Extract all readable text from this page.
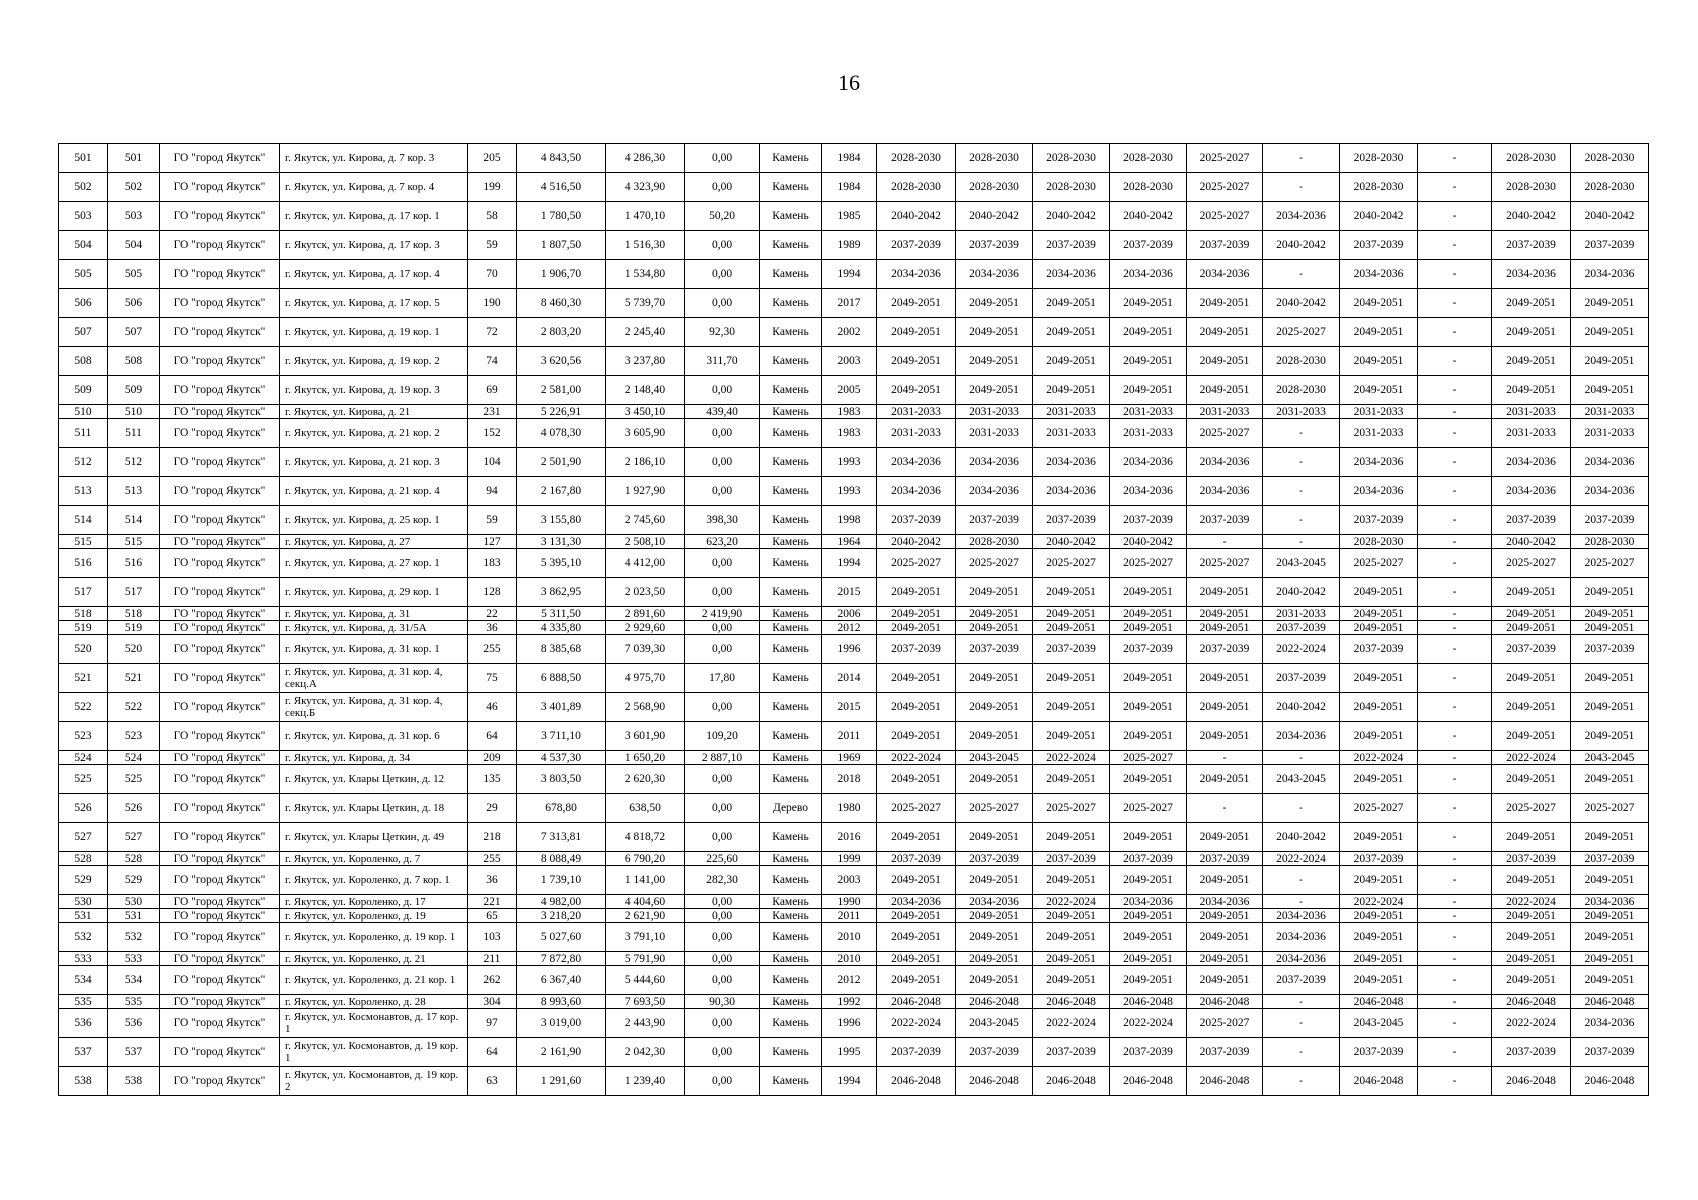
16
501	501	ГО "город Якутск"	г. Якутск, ул. Кирова, д. 7 кор. 3	205	4 843,50	4 286,30	0,00	Камень	1984	2028-2030	2028-2030	2028-2030	2028-2030	2025-2027	-	2028-2030	-	2028-2030	2028-2030
502	502	ГО "город Якутск"	г. Якутск, ул. Кирова, д. 7 кор. 4	199	4 516,50	4 323,90	0,00	Камень	1984	2028-2030	2028-2030	2028-2030	2028-2030	2025-2027	-	2028-2030	-	2028-2030	2028-2030
503	503	ГО "город Якутск"	г. Якутск, ул. Кирова, д. 17 кор. 1	58	1 780,50	1 470,10	50,20	Камень	1985	2040-2042	2040-2042	2040-2042	2040-2042	2025-2027	2034-2036	2040-2042	-	2040-2042	2040-2042
504	504	ГО "город Якутск"	г. Якутск, ул. Кирова, д. 17 кор. 3	59	1 807,50	1 516,30	0,00	Камень	1989	2037-2039	2037-2039	2037-2039	2037-2039	2037-2039	2040-2042	2037-2039	-	2037-2039	2037-2039
505	505	ГО "город Якутск"	г. Якутск, ул. Кирова, д. 17 кор. 4	70	1 906,70	1 534,80	0,00	Камень	1994	2034-2036	2034-2036	2034-2036	2034-2036	2034-2036	-	2034-2036	-	2034-2036	2034-2036
506	506	ГО "город Якутск"	г. Якутск, ул. Кирова, д. 17 кор. 5	190	8 460,30	5 739,70	0,00	Камень	2017	2049-2051	2049-2051	2049-2051	2049-2051	2049-2051	2040-2042	2049-2051	-	2049-2051	2049-2051
507	507	ГО "город Якутск"	г. Якутск, ул. Кирова, д. 19 кор. 1	72	2 803,20	2 245,40	92,30	Камень	2002	2049-2051	2049-2051	2049-2051	2049-2051	2049-2051	2025-2027	2049-2051	-	2049-2051	2049-2051
508	508	ГО "город Якутск"	г. Якутск, ул. Кирова, д. 19 кор. 2	74	3 620,56	3 237,80	311,70	Камень	2003	2049-2051	2049-2051	2049-2051	2049-2051	2049-2051	2028-2030	2049-2051	-	2049-2051	2049-2051
509	509	ГО "город Якутск"	г. Якутск, ул. Кирова, д. 19 кор. 3	69	2 581,00	2 148,40	0,00	Камень	2005	2049-2051	2049-2051	2049-2051	2049-2051	2049-2051	2028-2030	2049-2051	-	2049-2051	2049-2051
510	510	ГО "город Якутск"	г. Якутск, ул. Кирова, д. 21	231	5 226,91	3 450,10	439,40	Камень	1983	2031-2033	2031-2033	2031-2033	2031-2033	2031-2033	2031-2033	2031-2033	-	2031-2033	2031-2033
511	511	ГО "город Якутск"	г. Якутск, ул. Кирова, д. 21 кор. 2	152	4 078,30	3 605,90	0,00	Камень	1983	2031-2033	2031-2033	2031-2033	2031-2033	2025-2027	-	2031-2033	-	2031-2033	2031-2033
512	512	ГО "город Якутск"	г. Якутск, ул. Кирова, д. 21 кор. 3	104	2 501,90	2 186,10	0,00	Камень	1993	2034-2036	2034-2036	2034-2036	2034-2036	2034-2036	-	2034-2036	-	2034-2036	2034-2036
513	513	ГО "город Якутск"	г. Якутск, ул. Кирова, д. 21 кор. 4	94	2 167,80	1 927,90	0,00	Камень	1993	2034-2036	2034-2036	2034-2036	2034-2036	2034-2036	-	2034-2036	-	2034-2036	2034-2036
514	514	ГО "город Якутск"	г. Якутск, ул. Кирова, д. 25 кор. 1	59	3 155,80	2 745,60	398,30	Камень	1998	2037-2039	2037-2039	2037-2039	2037-2039	2037-2039	-	2037-2039	-	2037-2039	2037-2039
515	515	ГО "город Якутск"	г. Якутск, ул. Кирова, д. 27	127	3 131,30	2 508,10	623,20	Камень	1964	2040-2042	2028-2030	2040-2042	2040-2042	-	-	2028-2030	-	2040-2042	2028-2030
516	516	ГО "город Якутск"	г. Якутск, ул. Кирова, д. 27 кор. 1	183	5 395,10	4 412,00	0,00	Камень	1994	2025-2027	2025-2027	2025-2027	2025-2027	2025-2027	2043-2045	2025-2027	-	2025-2027	2025-2027
517	517	ГО "город Якутск"	г. Якутск, ул. Кирова, д. 29 кор. 1	128	3 862,95	2 023,50	0,00	Камень	2015	2049-2051	2049-2051	2049-2051	2049-2051	2049-2051	2040-2042	2049-2051	-	2049-2051	2049-2051
518	518	ГО "город Якутск"	г. Якутск, ул. Кирова, д. 31	22	5 311,50	2 891,60	2 419,90	Камень	2006	2049-2051	2049-2051	2049-2051	2049-2051	2049-2051	2031-2033	2049-2051	-	2049-2051	2049-2051
519	519	ГО "город Якутск"	г. Якутск, ул. Кирова, д. 31/5А	36	4 335,80	2 929,60	0,00	Камень	2012	2049-2051	2049-2051	2049-2051	2049-2051	2049-2051	2037-2039	2049-2051	-	2049-2051	2049-2051
520	520	ГО "город Якутск"	г. Якутск, ул. Кирова, д. 31 кор. 1	255	8 385,68	7 039,30	0,00	Камень	1996	2037-2039	2037-2039	2037-2039	2037-2039	2037-2039	2022-2024	2037-2039	-	2037-2039	2037-2039
521	521	ГО "город Якутск"	г. Якутск, ул. Кирова, д. 31 кор. 4, секц.А	75	6 888,50	4 975,70	17,80	Камень	2014	2049-2051	2049-2051	2049-2051	2049-2051	2049-2051	2037-2039	2049-2051	-	2049-2051	2049-2051
522	522	ГО "город Якутск"	г. Якутск, ул. Кирова, д. 31 кор. 4, секц.Б	46	3 401,89	2 568,90	0,00	Камень	2015	2049-2051	2049-2051	2049-2051	2049-2051	2049-2051	2040-2042	2049-2051	-	2049-2051	2049-2051
523	523	ГО "город Якутск"	г. Якутск, ул. Кирова, д. 31 кор. 6	64	3 711,10	3 601,90	109,20	Камень	2011	2049-2051	2049-2051	2049-2051	2049-2051	2049-2051	2034-2036	2049-2051	-	2049-2051	2049-2051
524	524	ГО "город Якутск"	г. Якутск, ул. Кирова, д. 34	209	4 537,30	1 650,20	2 887,10	Камень	1969	2022-2024	2043-2045	2022-2024	2025-2027	-	-	2022-2024	-	2022-2024	2043-2045
525	525	ГО "город Якутск"	г. Якутск, ул. Клары Цеткин, д. 12	135	3 803,50	2 620,30	0,00	Камень	2018	2049-2051	2049-2051	2049-2051	2049-2051	2049-2051	2043-2045	2049-2051	-	2049-2051	2049-2051
526	526	ГО "город Якутск"	г. Якутск, ул. Клары Цеткин, д. 18	29	678,80	638,50	0,00	Дерево	1980	2025-2027	2025-2027	2025-2027	2025-2027	-	-	2025-2027	-	2025-2027	2025-2027
527	527	ГО "город Якутск"	г. Якутск, ул. Клары Цеткин, д. 49	218	7 313,81	4 818,72	0,00	Камень	2016	2049-2051	2049-2051	2049-2051	2049-2051	2049-2051	2040-2042	2049-2051	-	2049-2051	2049-2051
528	528	ГО "город Якутск"	г. Якутск, ул. Короленко, д. 7	255	8 088,49	6 790,20	225,60	Камень	1999	2037-2039	2037-2039	2037-2039	2037-2039	2037-2039	2022-2024	2037-2039	-	2037-2039	2037-2039
529	529	ГО "город Якутск"	г. Якутск, ул. Короленко, д. 7 кор. 1	36	1 739,10	1 141,00	282,30	Камень	2003	2049-2051	2049-2051	2049-2051	2049-2051	2049-2051	-	2049-2051	-	2049-2051	2049-2051
530	530	ГО "город Якутск"	г. Якутск, ул. Короленко, д. 17	221	4 982,00	4 404,60	0,00	Камень	1990	2034-2036	2034-2036	2022-2024	2034-2036	2034-2036	-	2022-2024	-	2022-2024	2034-2036
531	531	ГО "город Якутск"	г. Якутск, ул. Короленко, д. 19	65	3 218,20	2 621,90	0,00	Камень	2011	2049-2051	2049-2051	2049-2051	2049-2051	2049-2051	2034-2036	2049-2051	-	2049-2051	2049-2051
532	532	ГО "город Якутск"	г. Якутск, ул. Короленко, д. 19 кор. 1	103	5 027,60	3 791,10	0,00	Камень	2010	2049-2051	2049-2051	2049-2051	2049-2051	2049-2051	2034-2036	2049-2051	-	2049-2051	2049-2051
533	533	ГО "город Якутск"	г. Якутск, ул. Короленко, д. 21	211	7 872,80	5 791,90	0,00	Камень	2010	2049-2051	2049-2051	2049-2051	2049-2051	2049-2051	2034-2036	2049-2051	-	2049-2051	2049-2051
534	534	ГО "город Якутск"	г. Якутск, ул. Короленко, д. 21 кор. 1	262	6 367,40	5 444,60	0,00	Камень	2012	2049-2051	2049-2051	2049-2051	2049-2051	2049-2051	2037-2039	2049-2051	-	2049-2051	2049-2051
535	535	ГО "город Якутск"	г. Якутск, ул. Короленко, д. 28	304	8 993,60	7 693,50	90,30	Камень	1992	2046-2048	2046-2048	2046-2048	2046-2048	2046-2048	-	2046-2048	-	2046-2048	2046-2048
536	536	ГО "город Якутск"	г. Якутск, ул. Космонавтов, д. 17 кор. 1	97	3 019,00	2 443,90	0,00	Камень	1996	2022-2024	2043-2045	2022-2024	2022-2024	2025-2027	-	2043-2045	-	2022-2024	2034-2036
537	537	ГО "город Якутск"	г. Якутск, ул. Космонавтов, д. 19 кор. 1	64	2 161,90	2 042,30	0,00	Камень	1995	2037-2039	2037-2039	2037-2039	2037-2039	2037-2039	-	2037-2039	-	2037-2039	2037-2039
538	538	ГО "город Якутск"	г. Якутск, ул. Космонавтов, д. 19 кор. 2	63	1 291,60	1 239,40	0,00	Камень	1994	2046-2048	2046-2048	2046-2048	2046-2048	2046-2048	-	2046-2048	-	2046-2048	2046-2048
